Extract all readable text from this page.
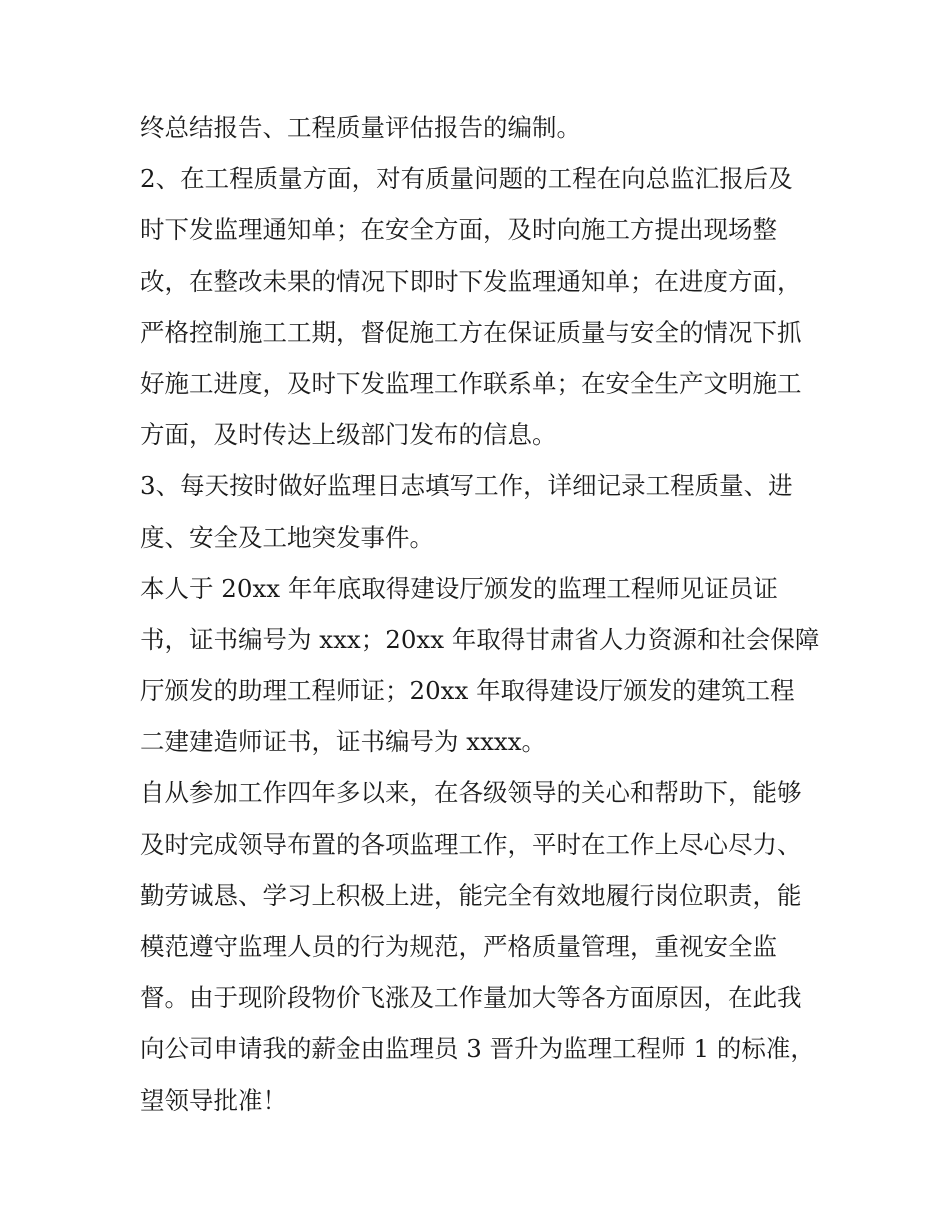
终总结报告、工程质量评估报告的编制。
2、在工程质量方面，对有质量问题的工程在向总监汇报后及
时下发监理通知单；在安全方面，及时向施工方提出现场整
改，在整改未果的情况下即时下发监理通知单；在进度方面，
严格控制施工工期，督促施工方在保证质量与安全的情况下抓
好施工进度，及时下发监理工作联系单；在安全生产文明施工
方面，及时传达上级部门发布的信息。
3、每天按时做好监理日志填写工作，详细记录工程质量、进
度、安全及工地突发事件。
本人于 20xx 年年底取得建设厅颁发的监理工程师见证员证
书，证书编号为 xxx；20xx 年取得甘肃省人力资源和社会保障
厅颁发的助理工程师证；20xx 年取得建设厅颁发的建筑工程
二建建造师证书，证书编号为 xxxx。
自从参加工作四年多以来，在各级领导的关心和帮助下，能够
及时完成领导布置的各项监理工作，平时在工作上尽心尽力、
勤劳诚恳、学习上积极上进，能完全有效地履行岗位职责，能
模范遵守监理人员的行为规范，严格质量管理，重视安全监
督。由于现阶段物价飞涨及工作量加大等各方面原因，在此我
向公司申请我的薪金由监理员 3 晋升为监理工程师 1 的标准，
望领导批准！
